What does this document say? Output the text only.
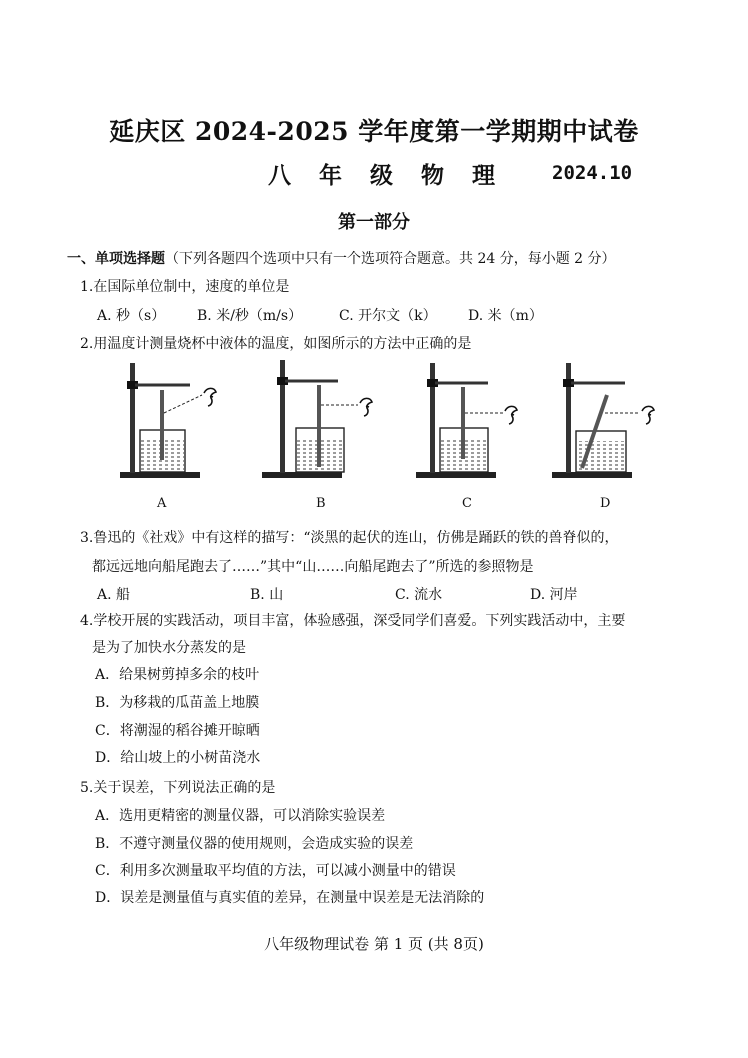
延庆区 2024-2025 学年度第一学期期中试卷
八 年 级 物 理 2024.10
第一部分
一、单项选择题（下列各题四个选项中只有一个选项符合题意。共 24 分，每小题 2 分）
1.在国际单位制中，速度的单位是
A. 秒（s） B. 米/秒（m/s）	C. 开尔文（k） D. 米（m）
2.用温度计测量烧杯中液体的温度，如图所示的方法中正确的是
A	B	C	D
3.鲁迅的《社戏》中有这样的描写：“淡黑的起伏的连山，仿佛是踊跃的铁的兽脊似的，
都远远地向船尾跑去了……”其中“山……向船尾跑去了”所选的参照物是
A. 船	B. 山	C. 流水	D. 河岸
4.学校开展的实践活动，项目丰富，体验感强，深受同学们喜爱。下列实践活动中，主要
是为了加快水分蒸发的是
A．给果树剪掉多余的枝叶
B．为移栽的瓜苗盖上地膜
C．将潮湿的稻谷摊开晾晒
D．给山坡上的小树苗浇水
5.关于误差，下列说法正确的是
A．选用更精密的测量仪器，可以消除实验误差
B．不遵守测量仪器的使用规则，会造成实验的误差
C．利用多次测量取平均值的方法，可以减小测量中的错误
D．误差是测量值与真实值的差异，在测量中误差是无法消除的
八年级物理试卷 第 1 页 (共 8页)
